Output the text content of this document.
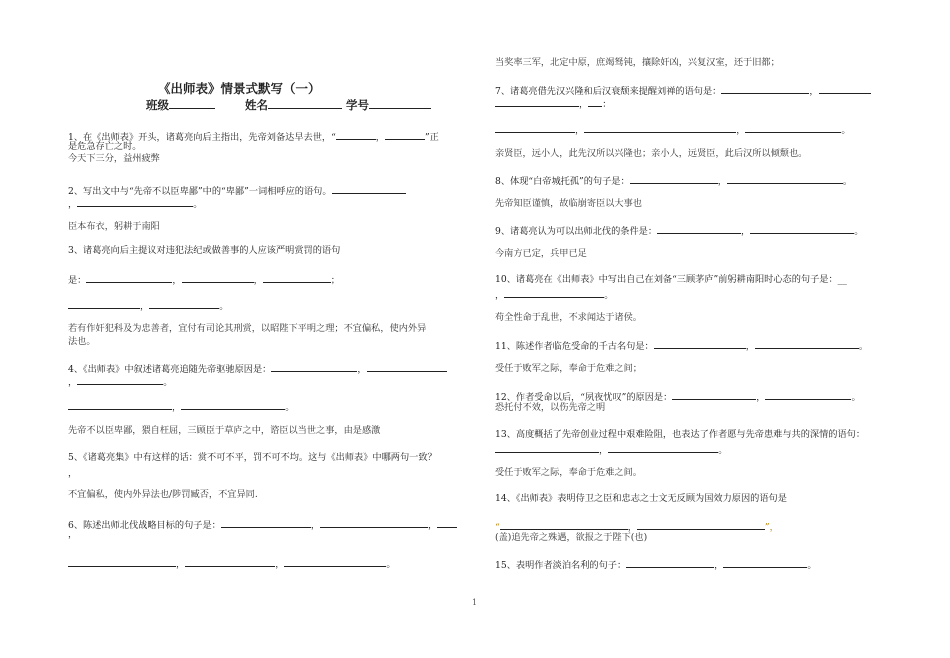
《出师表》情景式默写（一）
班级	姓名	学号
1、在《出师表》开头，诸葛亮向后主指出，先帝刘备达早去世，“	，	”正
是危急存亡之时。
今天下三分，益州疲弊
2、写出文中与“先帝不以臣卑鄙”中的“卑鄙”一词相呼应的语句。
，	。
臣本布衣，躬耕于南阳
3、诸葛亮向后主提议对违犯法纪或做善事的人应该严明赏罚的语句
是：	，	，	；
，	。
若有作奸犯科及为忠善者，宜付有司论其刑赏，以昭陛下平明之理；不宜偏私，使内外异
法也。
4、《出师表》中叙述诸葛亮追随先帝驱驰原因是：	，
，	。
，	。
先帝不以臣卑鄙，猥自枉屈，三顾臣于草庐之中，谘臣以当世之事，由是感激
5、《诸葛亮集》中有这样的话：赏不可不平，罚不可不均。这与《出师表》中哪两句一致？
，
不宜偏私，使内外异法也/陟罚臧否，不宜异同.
6、陈述出师北伐战略目标的句子是：	，	，
，
，	，	。
当奖率三军，北定中原，庶竭驽钝，攘除奸凶，兴复汉室，还于旧都；
7、诸葛亮借先汉兴隆和后汉衰颓来提醒刘禅的语句是：	，
， ：
，	，	。
亲贤臣，远小人，此先汉所以兴隆也；亲小人，远贤臣，此后汉所以倾颓也。
8、体现“白帝城托孤”的句子是：	，	。
先帝知臣谨慎，故临崩寄臣以大事也
9、诸葛亮认为可以出师北伐的条件是：	，	。
今南方已定，兵甲已足
10、诸葛亮在《出师表》中写出自己在刘备“三顾茅庐”前躬耕南阳时心态的句子是：__
，	。
苟全性命于乱世，不求闻达于诸侯。
11、陈述作者临危受命的千古名句是：	，	。
受任于败军之际，奉命于危难之间；
12、作者受命以后，“夙夜忧叹”的原因是：	，	。
恐托付不效，以伤先帝之明
13、高度概括了先帝创业过程中艰难险阻，也表达了作者愿与先帝患难与共的深情的语句：
，	。
受任于败军之际，奉命于危难之间。
14、《出师表》表明侍卫之臣和忠志之士文无反顾为国效力原因的语句是
“	，	”，
(盖)追先帝之殊遇，欲报之于陛下(也)
15、表明作者淡泊名利的句子：	，	。
1
